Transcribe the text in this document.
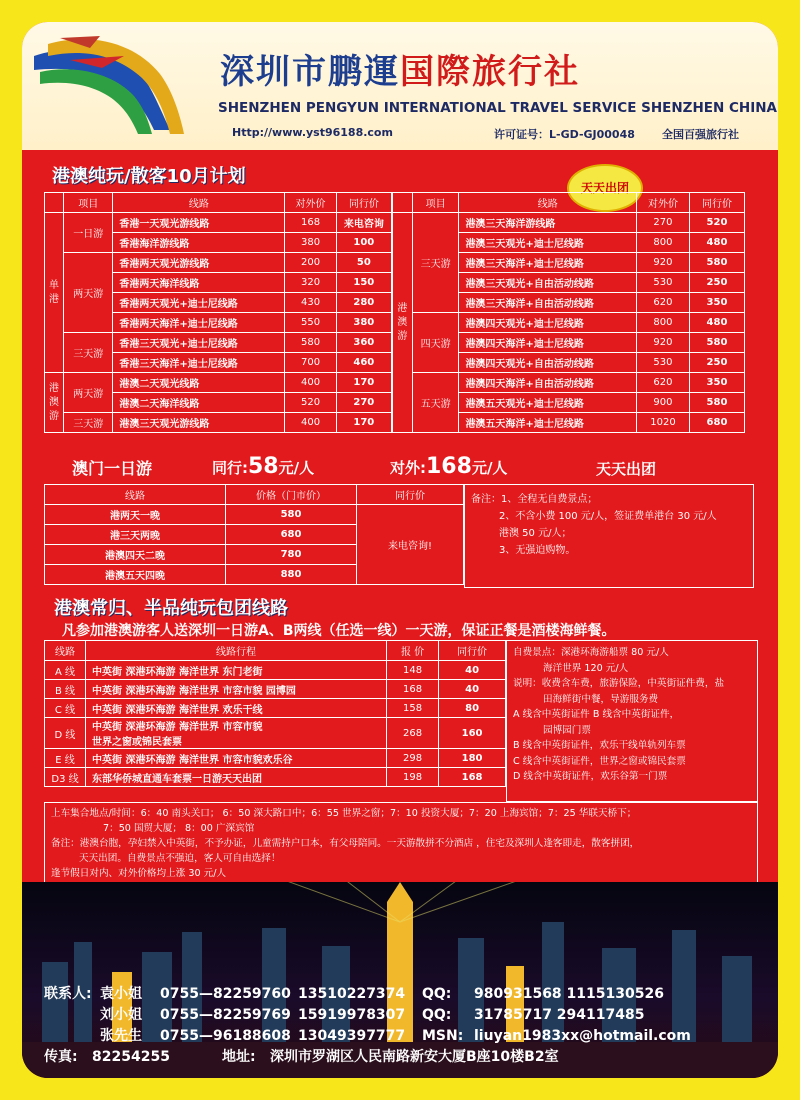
深圳市鹏運国際旅行社
SHENZHEN PENGYUN INTERNATIONAL TRAVEL SERVICE SHENZHEN CHINA
Http://www.yst96188.com	许可证号：L-GD-GJ00048 全国百强旅行社
港澳纯玩/散客10月计划
天天出团
	项目	线路	对外价	同行价
单港	一日游	香港一天观光游线路	168	来电咨询
		香港海洋游线路	380	100
	两天游	香港两天观光游线路	200	50
		香港两天海洋线路	320	150
		香港两天观光+迪士尼线路	430	280
		香港两天海洋+迪士尼线路	550	380
	三天游	香港三天观光+迪士尼线路	580	360
		香港三天海洋+迪士尼线路	700	460
港澳游	两天游	港澳二天观光线路	400	170
		港澳二天海洋线路	520	270
	三天游	港澳三天观光游线路	400	170
	项目	线路	对外价	同行价
港澳游	三天游	港澳三天海洋游线路	270	520
		港澳三天观光+迪士尼线路	800	480
		港澳三天海洋+迪士尼线路	920	580
		港澳三天观光+自由活动线路	530	250
		港澳三天海洋+自由活动线路	620	350
	四天游	港澳四天观光+迪士尼线路	800	480
		港澳四天海洋+迪士尼线路	920	580
		港澳四天观光+自由活动线路	530	250
	五天游	港澳四天海洋+自由活动线路	620	350
		港澳五天观光+迪士尼线路	900	580
		港澳五天海洋+迪士尼线路	1020	680
澳门一日游	同行:58元/人	对外:168元/人	天天出团
线路	价格（门市价）	同行价
港两天一晚	580	来电咨询!
港三天两晚	680	
港澳四天二晚	780	
港澳五天四晚	880	
备注：1、全程无自费景点；
2、不含小费 100 元/人，签证费单港台 30 元/人
港澳 50 元/人；
3、无强迫购物。
港澳常归、半品纯玩包团线路
凡参加港澳游客人送深圳一日游A、B两线（任选一线）一天游，保证正餐是酒楼海鲜餐。
线路	线路行程	报 价	同行价
A 线	中英街 深港环海游 海洋世界 东门老街	148	40
B 线	中英街 深港环海游 海洋世界 市容市貌 园博园	168	40
C 线	中英街 深港环海游 海洋世界 欢乐干线	158	80
D 线	中英街 深港环海游 海洋世界 市容市貌
世界之窗或锦民套票	268	160
E 线	中英街 深港环海游 海洋世界 市容市貌欢乐谷	298	180
D3 线	东部华侨城直通车套票一日游天天出团	198	168
自费景点：深港环海游船票 80 元/人
海洋世界 120 元/人
说明：收费含车费，旅游保险，中英街证件费，盐
田海鲜街中餐，导游服务费
A 线含中英街证件 B 线含中英街证件，
园博园门票
B 线含中英街证件，欢乐干线单轨列车票
C 线含中英街证件，世界之窗或锦民套票
D 线含中英街证件，欢乐谷第一门票
上车集合地点/时间：6：40 南头关口； 6：50 深大路口中；6：55 世界之窗；7：10 投资大厦；7：20 上海宾馆；7：25 华联天桥下；
7：50 国贸大厦； 8：00 广深宾馆
备注：港澳台胞，孕妇禁入中英街，不予办证，儿童需持户口本，有父母陪同。一天游散拼不分酒店 ，住宅及深圳人逢客即走，散客拼团，
天天出团。自费景点不强迫，客人可自由选择！
逢节假日对内、对外价格均上涨 30 元/人
联系人: 袁小姐 0755—82259760 13510227374 QQ: 980931568 1115130526
刘小姐 0755—82259769 15919978307 QQ: 31785717 294117485
张先生 0755—96188608 13049397777 MSN: liuyan1983xx@hotmail.com
传真: 82254255	地址: 深圳市罗湖区人民南路新安大厦B座10楼B2室
